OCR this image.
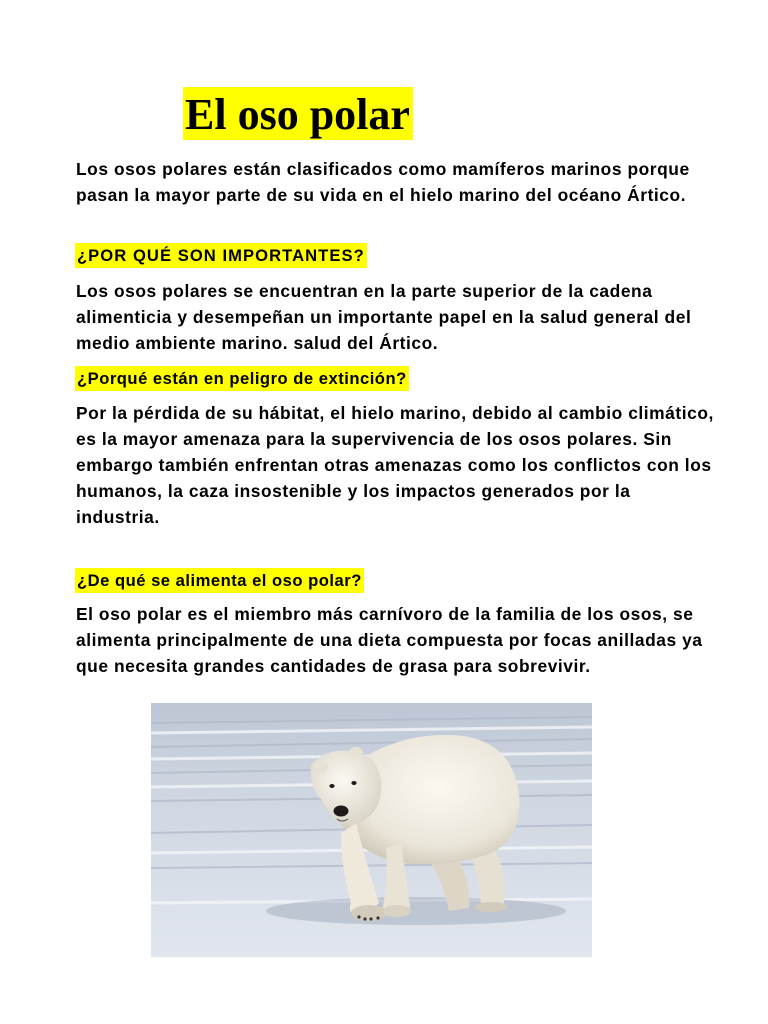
El oso polar

Los osos polares están clasificados como mamíferos marinos porque pasan la mayor parte de su vida en el hielo marino del océano Ártico.

¿POR QUÉ SON IMPORTANTES?

Los osos polares se encuentran en la parte superior de la cadena alimenticia y desempeñan un importante papel en la salud general del medio ambiente marino. salud del Ártico.

¿Porqué están en peligro de extinción?

Por la pérdida de su hábitat, el hielo marino, debido al cambio climático, es la mayor amenaza para la supervivencia de los osos polares. Sin embargo también enfrentan otras amenazas como los conflictos con los humanos, la caza insostenible y los impactos generados por la industria.

¿De qué se alimenta el oso polar?

El oso polar es el miembro más carnívoro de la familia de los osos, se alimenta principalmente de una dieta compuesta por focas anilladas ya que necesita grandes cantidades de grasa para sobrevivir.
